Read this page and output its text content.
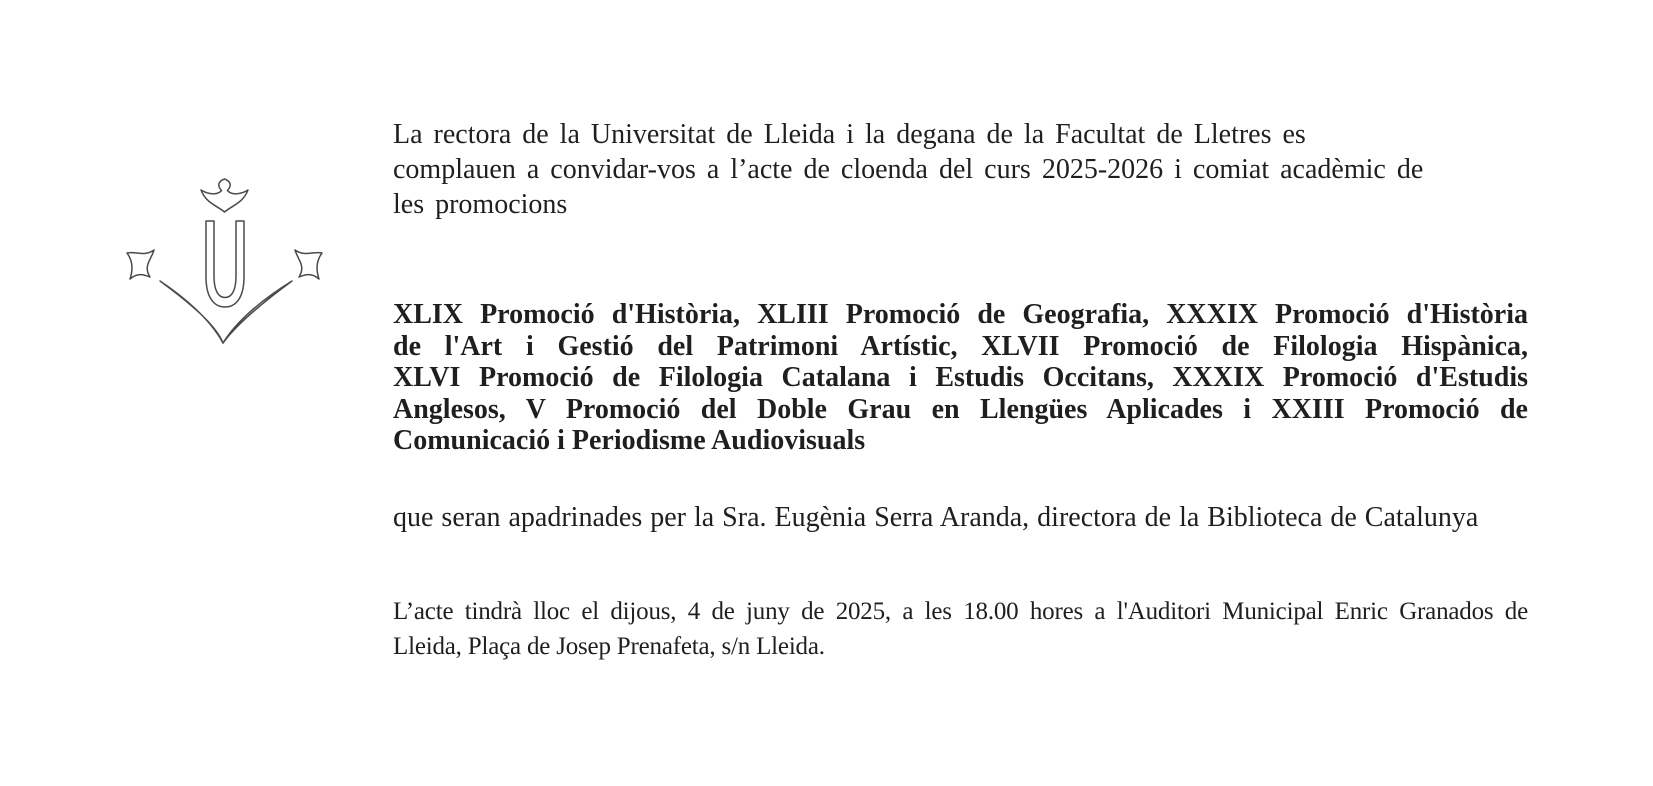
La rectora de la Universitat de Lleida i la degana de la Facultat de Lletres es
complauen a convidar-vos a l’acte de cloenda del curs 2025-2026 i comiat acadèmic de
les promocions
XLIX Promoció d'Història, XLIII Promoció de Geografia, XXXIX Promoció d'Història
de l'Art i Gestió del Patrimoni Artístic, XLVII Promoció de Filologia Hispànica,
XLVI Promoció de Filologia Catalana i Estudis Occitans, XXXIX Promoció d'Estudis
Anglesos, V Promoció del Doble Grau en Llengües Aplicades i XXIII Promoció de
Comunicació i Periodisme Audiovisuals
que seran apadrinades per la Sra. Eugènia Serra Aranda, directora de la Biblioteca de Catalunya
L’acte tindrà lloc el dijous, 4 de juny de 2025, a les 18.00 hores a l'Auditori Municipal Enric Granados de
Lleida, Plaça de Josep Prenafeta, s/n Lleida.
